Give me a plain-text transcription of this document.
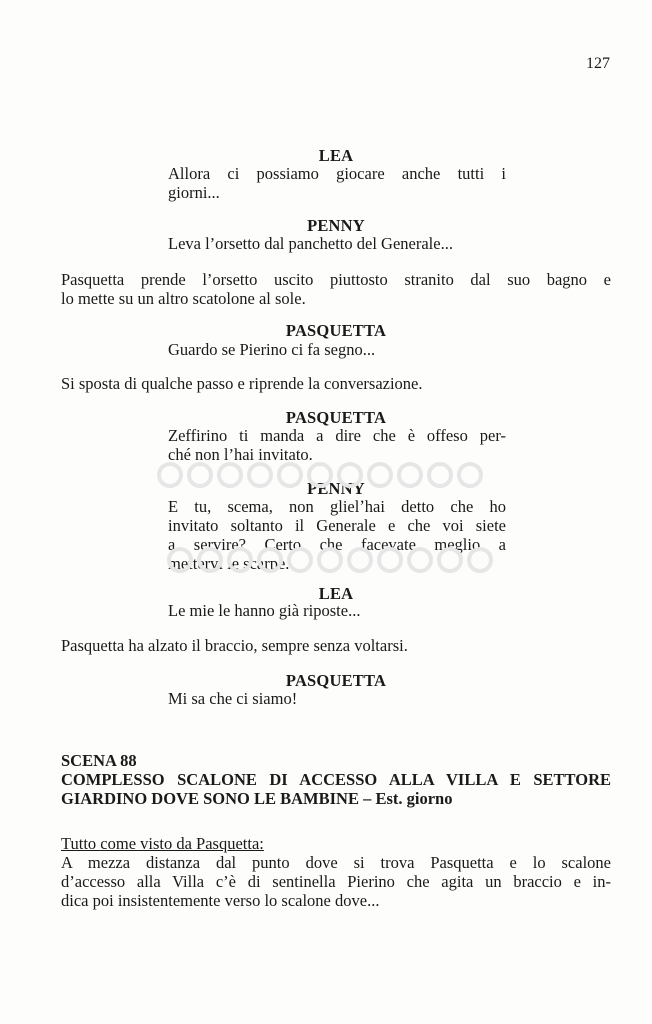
127
LEA
Allora ci possiamo giocare anche tutti i
giorni...
PENNY
Leva l’orsetto dal panchetto del Generale...
Pasquetta prende l’orsetto uscito piuttosto stranito dal suo bagno e
lo mette su un altro scatolone al sole.
PASQUETTA
Guardo se Pierino ci fa segno...
Si sposta di qualche passo e riprende la conversazione.
PASQUETTA
Zeffirino ti manda a dire che è offeso per-
ché non l’hai invitato.
PENNY
E tu, scema, non glielʼhai detto che ho
invitato soltanto il Generale e che voi siete
a servire? Certo che facevate meglio a
mettervi le scarpe.
LEA
Le mie le hanno già riposte...
Pasquetta ha alzato il braccio, sempre senza voltarsi.
PASQUETTA
Mi sa che ci siamo!
SCENA 88
COMPLESSO SCALONE DI ACCESSO ALLA VILLA E SETTORE
GIARDINO DOVE SONO LE BAMBINE – Est. giorno
Tutto come visto da Pasquetta:
A mezza distanza dal punto dove si trova Pasquetta e lo scalone
d’accesso alla Villa c’è di sentinella Pierino che agita un braccio e in-
dica poi insistentemente verso lo scalone dove...
